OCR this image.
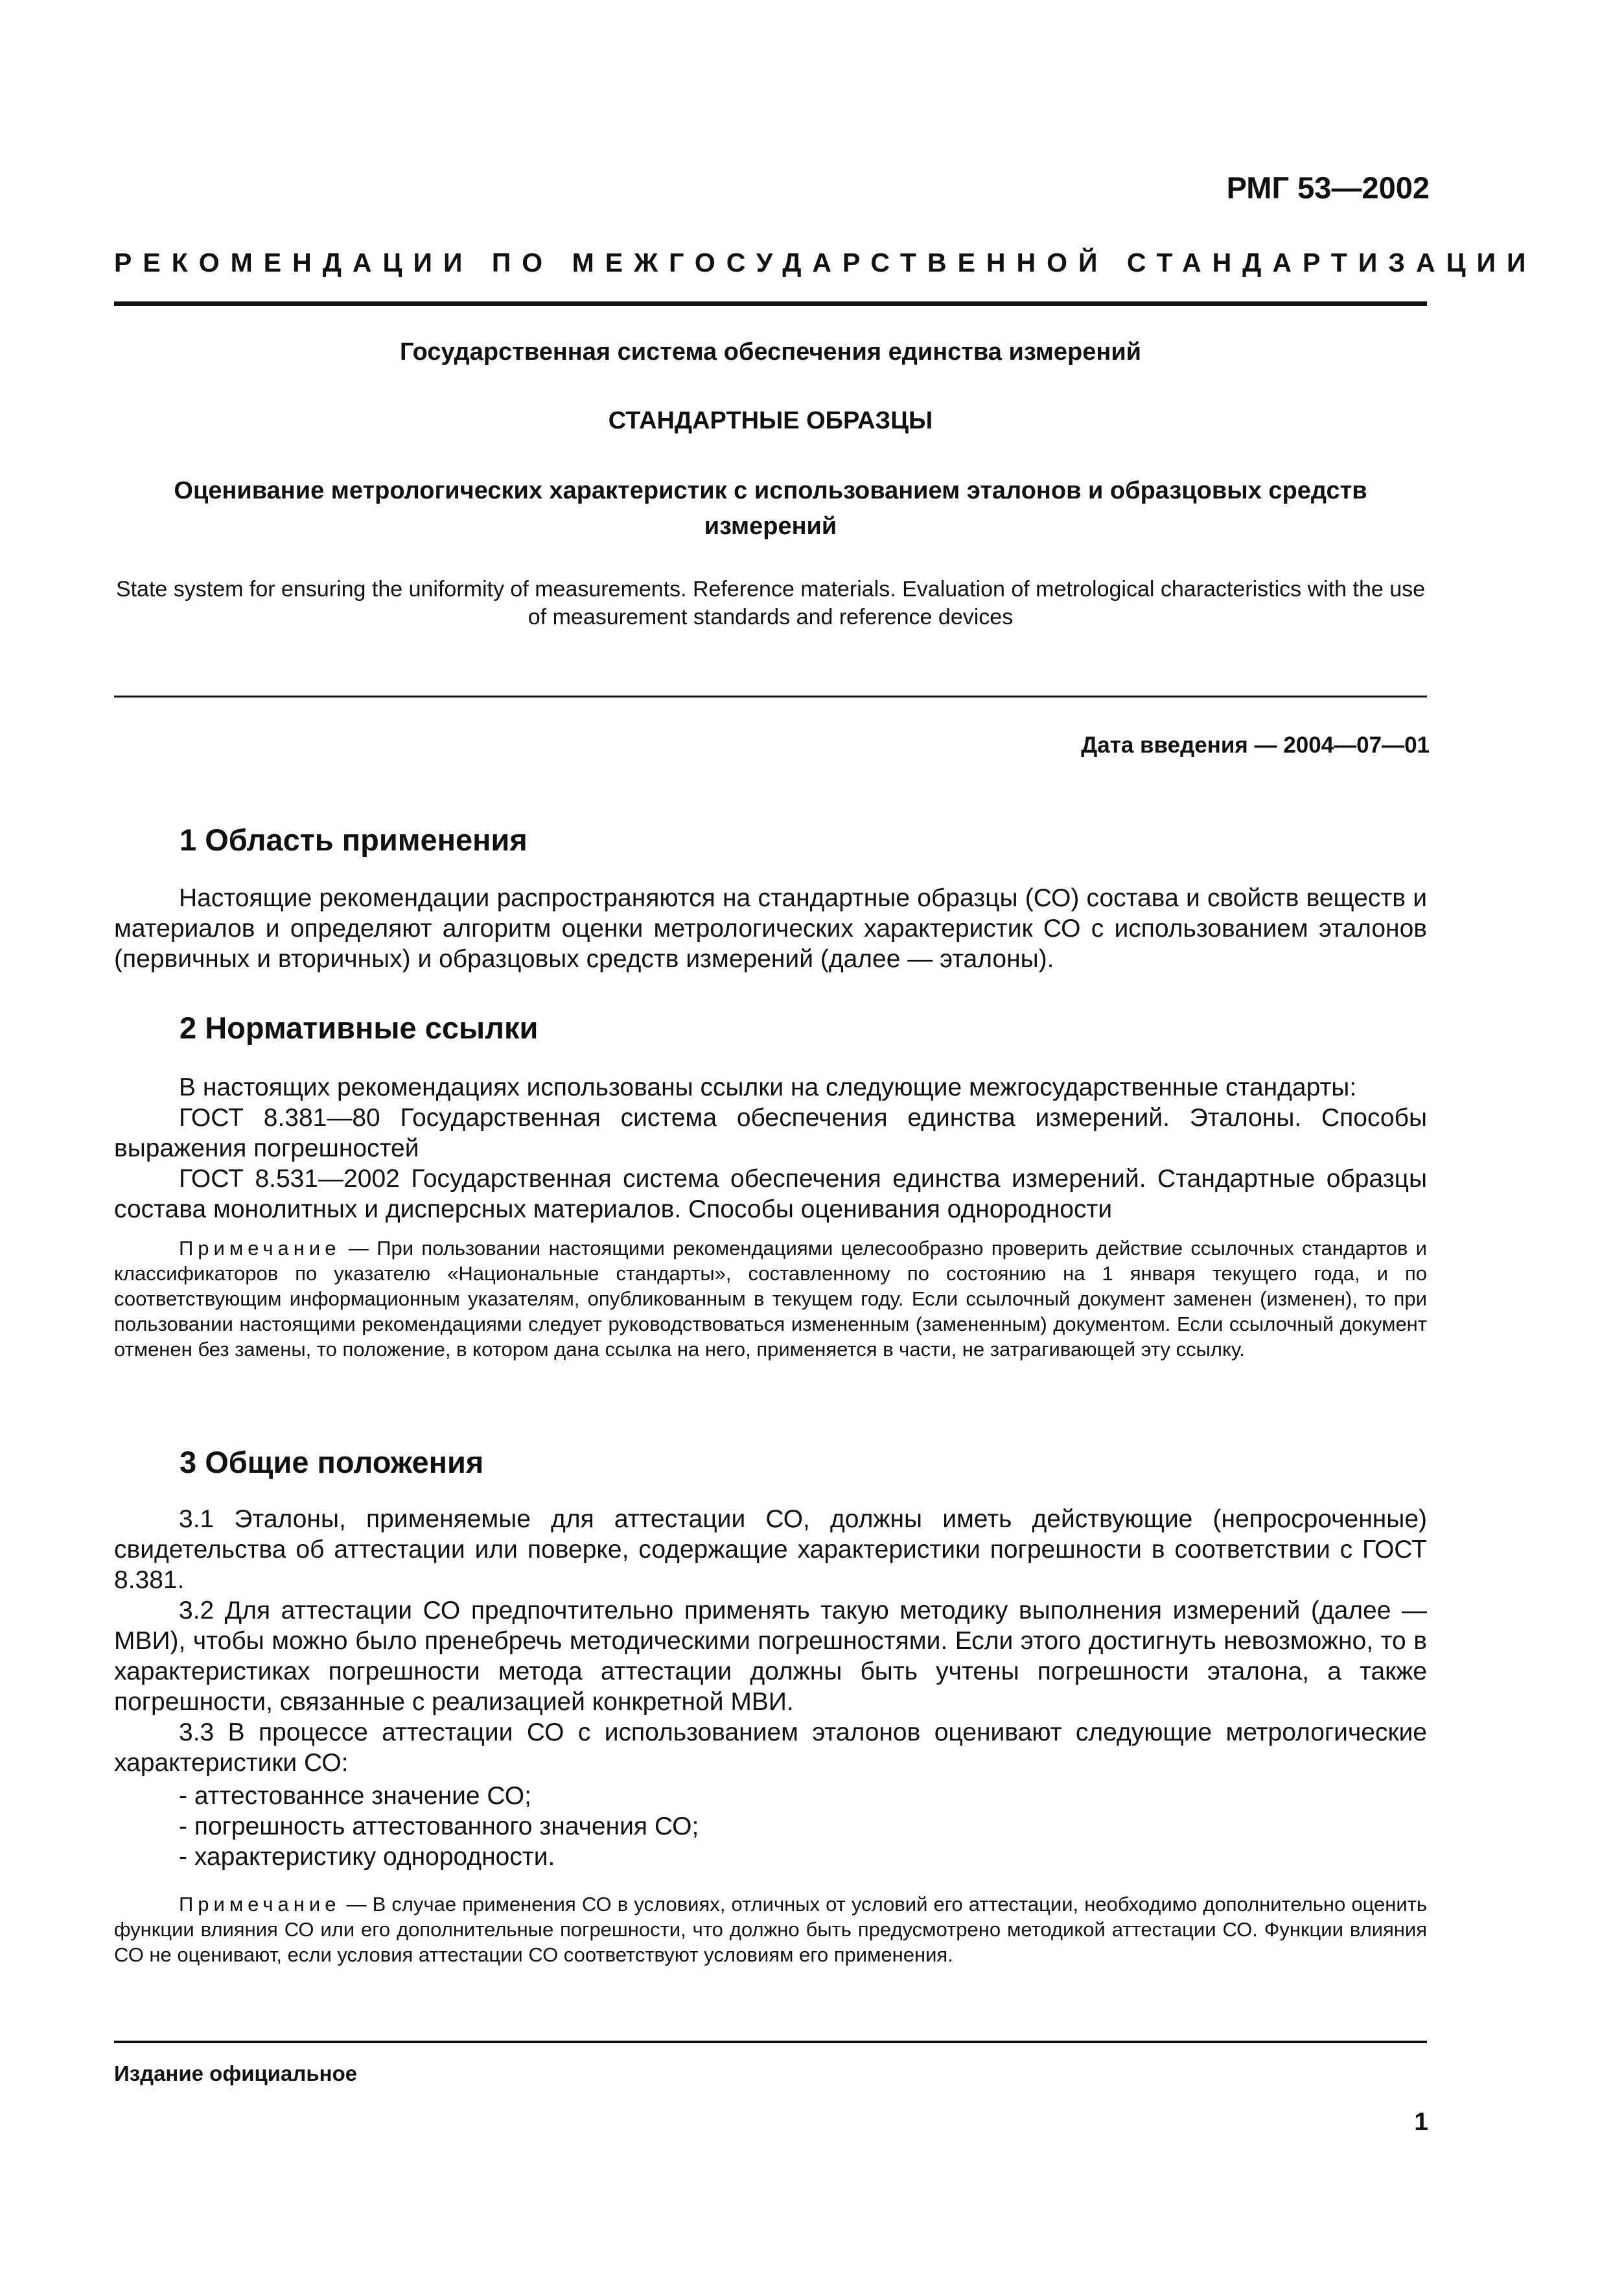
РМГ 53—2002
РЕКОМЕНДАЦИИ ПО МЕЖГОСУДАРСТВЕННОЙ СТАНДАРТИЗАЦИИ
Государственная система обеспечения единства измерений
СТАНДАРТНЫЕ ОБРАЗЦЫ
Оценивание метрологических характеристик с использованием эталонов и образцовых средств измерений
State system for ensuring the uniformity of measurements. Reference materials. Evaluation of metrological characteristics with the use of measurement standards and reference devices
Дата введения — 2004—07—01
1 Область применения

Настоящие рекомендации распространяются на стандартные образцы (СО) состава и свойств веществ и материалов и определяют алгоритм оценки метрологических характеристик СО с использованием эталонов (первичных и вторичных) и образцовых средств измерений (далее — эталоны).

2 Нормативные ссылки

В настоящих рекомендациях использованы ссылки на следующие межгосударственные стандарты:

ГОСТ 8.381—80 Государственная система обеспечения единства измерений. Эталоны. Способы выражения погрешностей

ГОСТ 8.531—2002 Государственная система обеспечения единства измерений. Стандартные образцы состава монолитных и дисперсных материалов. Способы оценивания однородности

Примечание — При пользовании настоящими рекомендациями целесообразно проверить действие ссылочных стандартов и классификаторов по указателю «Национальные стандарты», составленному по состоянию на 1 января текущего года, и по соответствующим информационным указателям, опубликованным в текущем году. Если ссылочный документ заменен (изменен), то при пользовании настоящими рекомендациями следует руководствоваться измененным (замененным) документом. Если ссылочный документ отменен без замены, то положение, в котором дана ссылка на него, применяется в части, не затрагивающей эту ссылку.

3 Общие положения

3.1 Эталоны, применяемые для аттестации СО, должны иметь действующие (непросроченные) свидетельства об аттестации или поверке, содержащие характеристики погрешности в соответствии с ГОСТ 8.381.

3.2 Для аттестации СО предпочтительно применять такую методику выполнения измерений (далее — МВИ), чтобы можно было пренебречь методическими погрешностями. Если этого достигнуть невозможно, то в характеристиках погрешности метода аттестации должны быть учтены погрешности эталона, а также погрешности, связанные с реализацией конкретной МВИ.

3.3 В процессе аттестации СО с использованием эталонов оценивают следующие метрологические характеристики СО:

- аттестованнсе значение СО;
- погрешность аттестованного значения СО;
- характеристику однородности.

Примечание — В случае применения СО в условиях, отличных от условий его аттестации, необходимо дополнительно оценить функции влияния СО или его дополнительные погрешности, что должно быть предусмотрено методикой аттестации СО. Функции влияния СО не оценивают, если условия аттестации СО соответствуют условиям его применения.

Издание официальное
1
